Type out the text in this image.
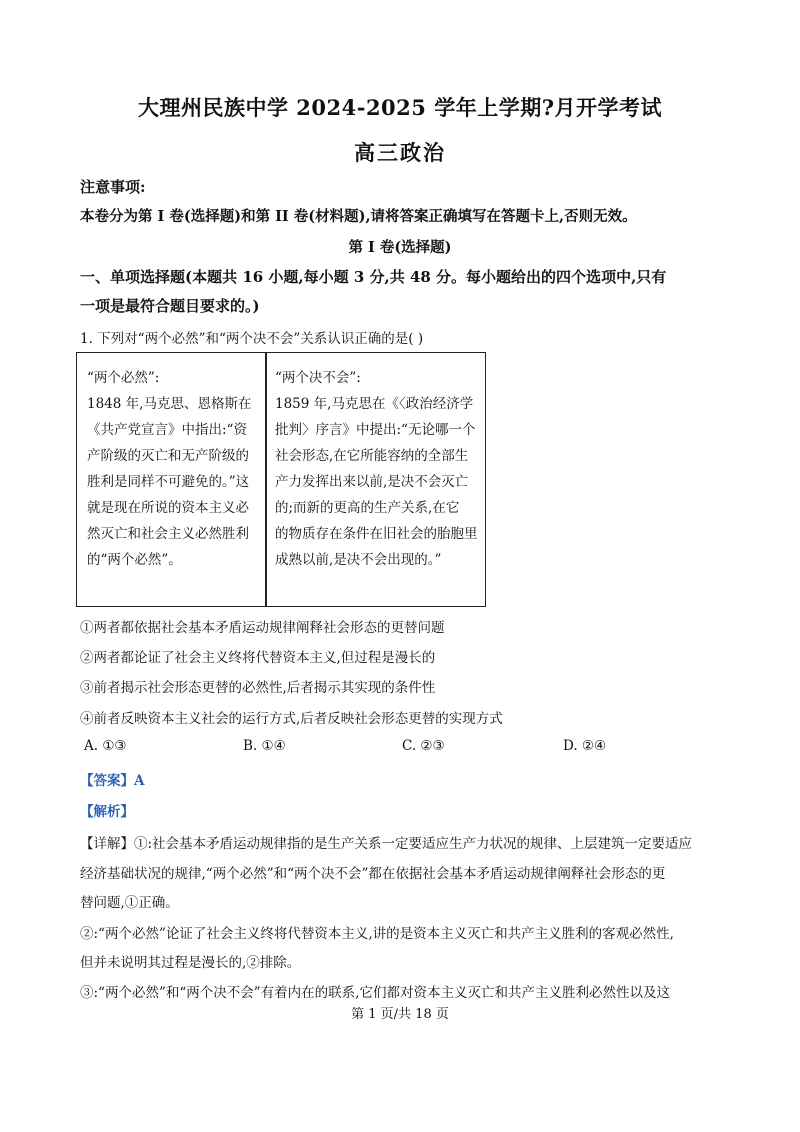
大理州民族中学 2024-2025 学年上学期?月开学考试
高三政治
注意事项:
本卷分为第 I 卷(选择题)和第 II 卷(材料题),请将答案正确填写在答题卡上,否则无效。
第 I 卷(选择题)
一、单项选择题(本题共 16 小题,每小题 3 分,共 48 分。每小题给出的四个选项中,只有
一项是最符合题目要求的。)
1. 下列对“两个必然”和“两个决不会”关系认识正确的是( )
“两个必然”:
1848 年,马克思、恩格斯在
《共产党宣言》中指出:“资
产阶级的灭亡和无产阶级的
胜利是同样不可避免的。”这
就是现在所说的资本主义必
然灭亡和社会主义必然胜利
的“两个必然”。
“两个决不会”:
1859 年,马克思在《〈政治经济学
批判〉序言》中提出:“无论哪一个
社会形态,在它所能容纳的全部生
产力发挥出来以前,是决不会灭亡
的;而新的更高的生产关系,在它
的物质存在条件在旧社会的胎胞里
成熟以前,是决不会出现的。”
①两者都依据社会基本矛盾运动规律阐释社会形态的更替问题
②两者都论证了社会主义终将代替资本主义,但过程是漫长的
③前者揭示社会形态更替的必然性,后者揭示其实现的条件性
④前者反映资本主义社会的运行方式,后者反映社会形态更替的实现方式
A. ①③	B. ①④	C. ②③	D. ②④
【答案】A
【解析】
【详解】①:社会基本矛盾运动规律指的是生产关系一定要适应生产力状况的规律、上层建筑一定要适应
经济基础状况的规律,“两个必然”和“两个决不会”都在依据社会基本矛盾运动规律阐释社会形态的更
替问题,①正确。
②:“两个必然”论证了社会主义终将代替资本主义,讲的是资本主义灭亡和共产主义胜利的客观必然性,
但并未说明其过程是漫长的,②排除。
③:“两个必然”和“两个决不会”有着内在的联系,它们都对资本主义灭亡和共产主义胜利必然性以及这
第 1 页/共 18 页
